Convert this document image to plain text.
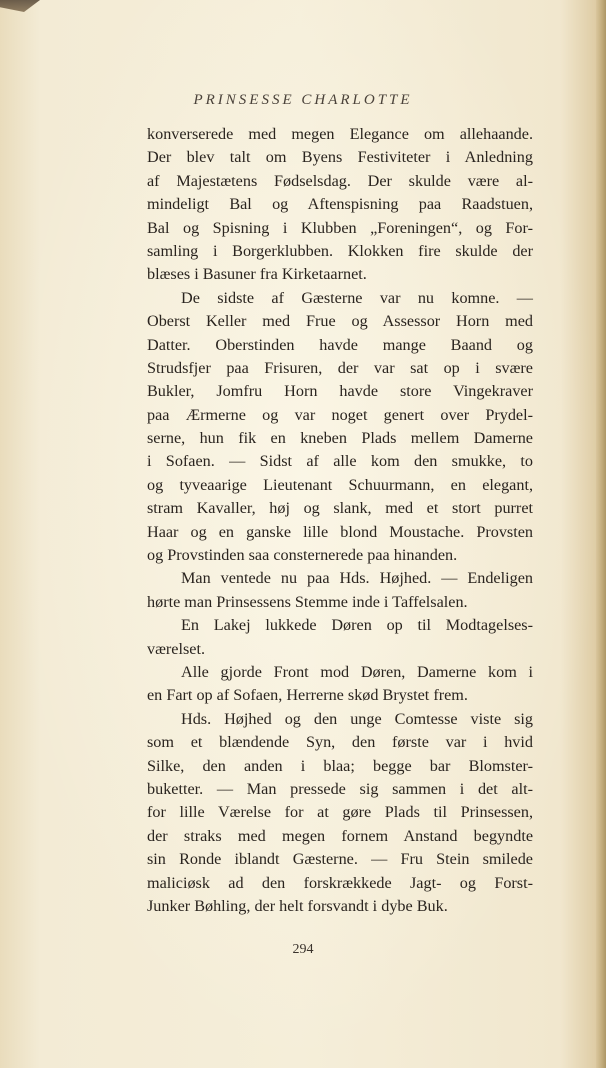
PRINSESSE CHARLOTTE
konverserede med megen Elegance om allehaande.
Der blev talt om Byens Festiviteter i Anledning
af Majestætens Fødselsdag. Der skulde være al-
mindeligt Bal og Aftenspisning paa Raadstuen,
Bal og Spisning i Klubben „Foreningen“, og For-
samling i Borgerklubben. Klokken fire skulde der
blæses i Basuner fra Kirketaarnet.
De sidste af Gæsterne var nu komne. —
Oberst Keller med Frue og Assessor Horn med
Datter. Oberstinden havde mange Baand og
Strudsfjer paa Frisuren, der var sat op i svære
Bukler, Jomfru Horn havde store Vingekraver
paa Ærmerne og var noget genert over Prydel-
serne, hun fik en kneben Plads mellem Damerne
i Sofaen. — Sidst af alle kom den smukke, to
og tyveaarige Lieutenant Schuurmann, en elegant,
stram Kavaller, høj og slank, med et stort purret
Haar og en ganske lille blond Moustache. Provsten
og Provstinden saa consternerede paa hinanden.
Man ventede nu paa Hds. Højhed. — Endeligen
hørte man Prinsessens Stemme inde i Taffelsalen.
En Lakej lukkede Døren op til Modtagelses-
værelset.
Alle gjorde Front mod Døren, Damerne kom i
en Fart op af Sofaen, Herrerne skød Brystet frem.
Hds. Højhed og den unge Comtesse viste sig
som et blændende Syn, den første var i hvid
Silke, den anden i blaa; begge bar Blomster-
buketter. — Man pressede sig sammen i det alt-
for lille Værelse for at gøre Plads til Prinsessen,
der straks med megen fornem Anstand begyndte
sin Ronde iblandt Gæsterne. — Fru Stein smilede
maliciøsk ad den forskrækkede Jagt- og Forst-
Junker Bøhling, der helt forsvandt i dybe Buk.
294
